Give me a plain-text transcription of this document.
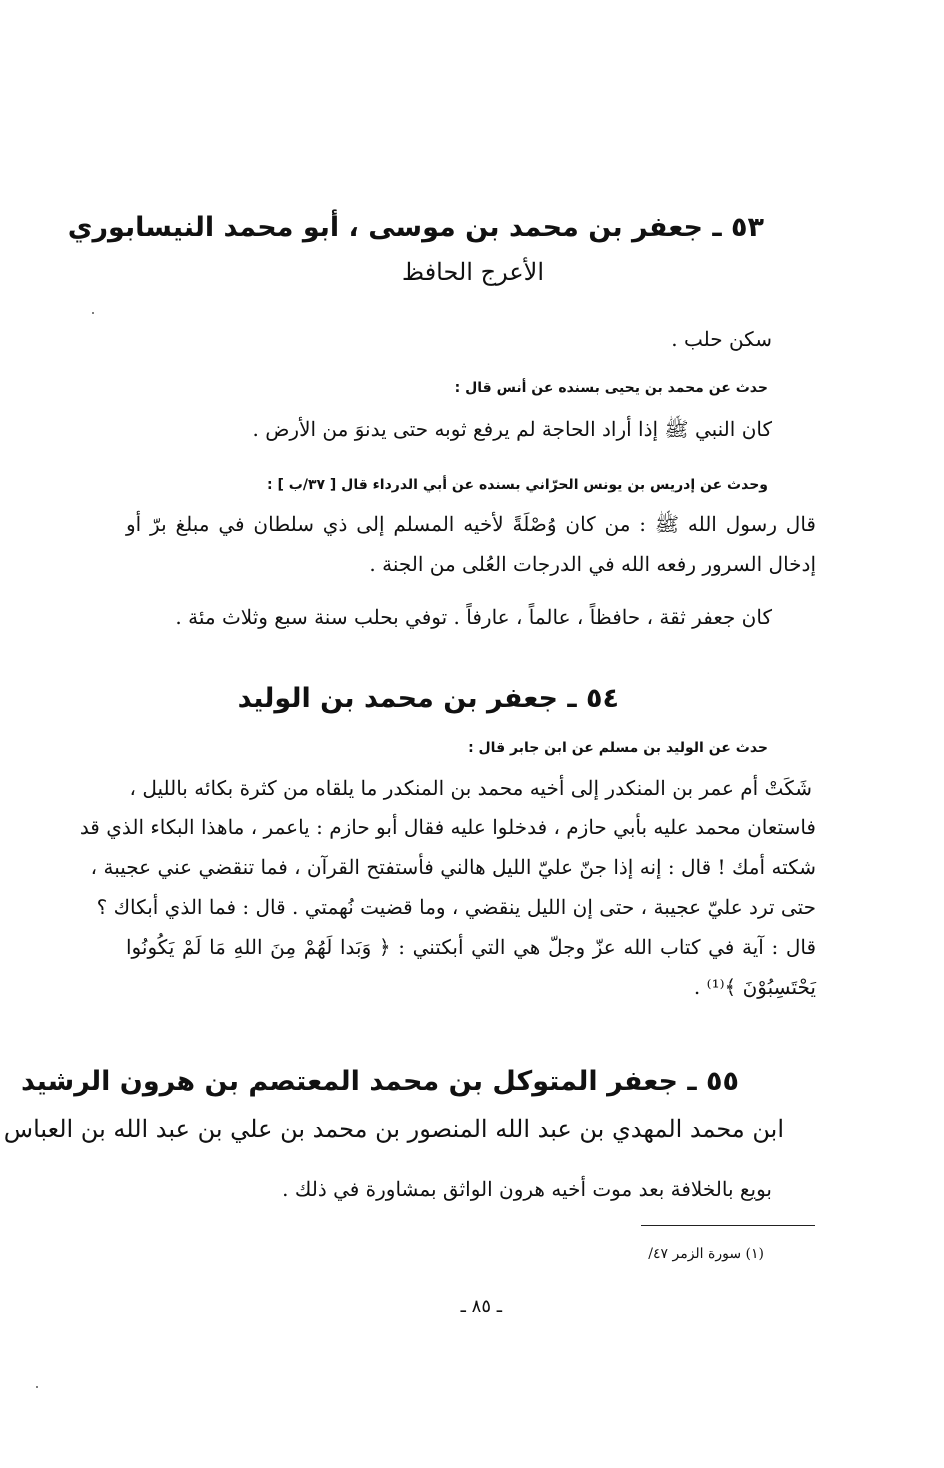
٥٣ ـ جعفر بن محمد بن موسى ، أبو محمد النيسابوري
الأعرج الحافظ
سكن حلب .
حدث عن محمد بن يحيى بسنده عن أنس قال :
كان النبي ﷺ إذا أراد الحاجة لم يرفع ثوبه حتى يدنوَ من الأرض .
وحدث عن إدريس بن يونس الحرّاني بسنده عن أبي الدرداء قال [ ٣٧/ب ] :
قال رسول الله ﷺ : من كان وُصْلَةً لأخيه المسلم إلى ذي سلطان في مبلغ برّ أو
إدخال السرور رفعه الله في الدرجات العُلى من الجنة .
كان جعفر ثقة ، حافظاً ، عالماً ، عارفاً . توفي بحلب سنة سبع وثلاث مئة .
٥٤ ـ جعفر بن محمد بن الوليد
حدث عن الوليد بن مسلم عن ابن جابر قال :
شَكَتْ أم عمر بن المنكدر إلى أخيه محمد بن المنكدر ما يلقاه من كثرة بكائه بالليل ،
فاستعان محمد عليه بأبي حازم ، فدخلوا عليه فقال أبو حازم : ياعمر ، ماهذا البكاء الذي قد
شكته أمك ! قال : إنه إذا جنّ عليّ الليل هالني فأستفتح القرآن ، فما تنقضي عني عجيبة ،
حتى ترد عليّ عجيبة ، حتى إن الليل ينقضي ، وما قضيت نُهمتي . قال : فما الذي أبكاك ؟
قال : آية في كتاب الله عزّ وجلّ هي التي أبكتني : ﴿ وَبَدا لَهُمْ مِنَ اللهِ مَا لَمْ يَكُونُوا
يَحْتَسِبُوْنَ ﴾⁽¹⁾ .
٥٥ ـ جعفر المتوكل بن محمد المعتصم بن هرون الرشيد
ابن محمد المهدي بن عبد الله المنصور بن محمد بن علي بن عبد الله بن العباس
بويع بالخلافة بعد موت أخيه هرون الواثق بمشاورة في ذلك .
(١) سورة الزمر ٤٧/
ـ ٨٥ ـ
